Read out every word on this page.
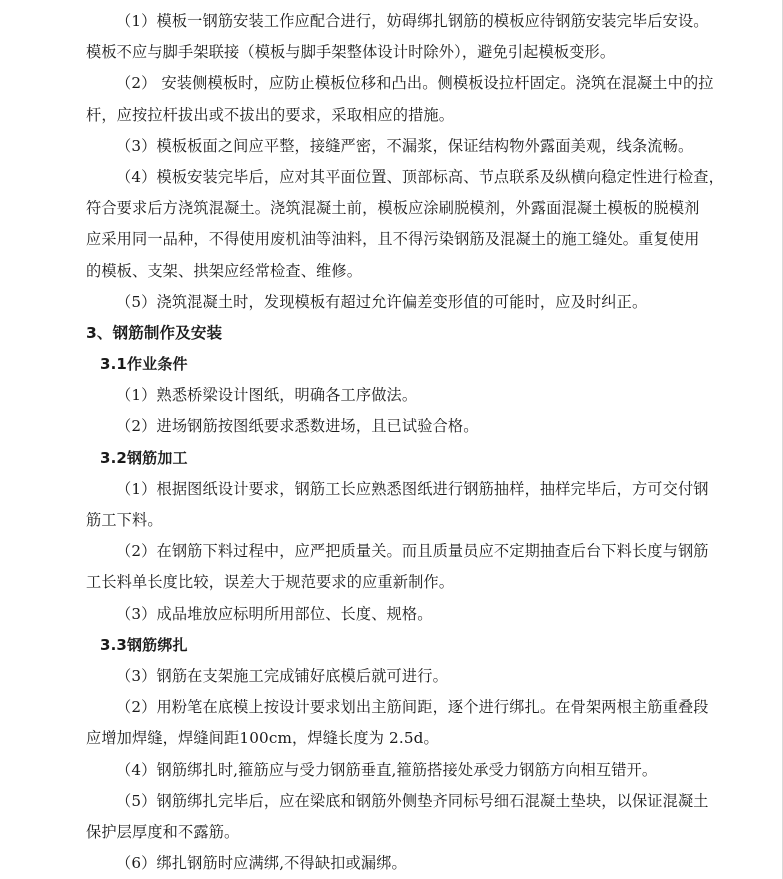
（1）模板一钢筋安装工作应配合进行，妨碍绑扎钢筋的模板应待钢筋安装完毕后安设。
模板不应与脚手架联接（模板与脚手架整体设计时除外），避免引起模板变形。
（2） 安装侧模板时，应防止模板位移和凸出。侧模板设拉杆固定。浇筑在混凝土中的拉
杆，应按拉杆拔出或不拔出的要求，采取相应的措施。
（3）模板板面之间应平整，接缝严密，不漏浆，保证结构物外露面美观，线条流畅。
（4）模板安装完毕后，应对其平面位置、顶部标高、节点联系及纵横向稳定性进行检查，
符合要求后方浇筑混凝土。浇筑混凝土前，模板应涂刷脱模剂，外露面混凝土模板的脱模剂
应采用同一品种，不得使用废机油等油料，且不得污染钢筋及混凝土的施工缝处。重复使用
的模板、支架、拱架应经常检查、维修。
（5）浇筑混凝土时，发现模板有超过允许偏差变形值的可能时，应及时纠正。
3、钢筋制作及安装
3.1作业条件
（1）熟悉桥梁设计图纸，明确各工序做法。
（2）进场钢筋按图纸要求悉数进场，且已试验合格。
3.2钢筋加工
（1）根据图纸设计要求，钢筋工长应熟悉图纸进行钢筋抽样，抽样完毕后，方可交付钢
筋工下料。
（2）在钢筋下料过程中，应严把质量关。而且质量员应不定期抽查后台下料长度与钢筋
工长料单长度比较，误差大于规范要求的应重新制作。
（3）成品堆放应标明所用部位、长度、规格。
3.3钢筋绑扎
（3）钢筋在支架施工完成铺好底模后就可进行。
（2）用粉笔在底模上按设计要求划出主筋间距，逐个进行绑扎。在骨架两根主筋重叠段
应增加焊缝，焊缝间距100cm，焊缝长度为 2.5d。
（4）钢筋绑扎时,箍筋应与受力钢筋垂直,箍筋搭接处承受力钢筋方向相互错开。
（5）钢筋绑扎完毕后，应在梁底和钢筋外侧垫齐同标号细石混凝土垫块，以保证混凝土
保护层厚度和不露筋。
（6）绑扎钢筋时应满绑,不得缺扣或漏绑。
